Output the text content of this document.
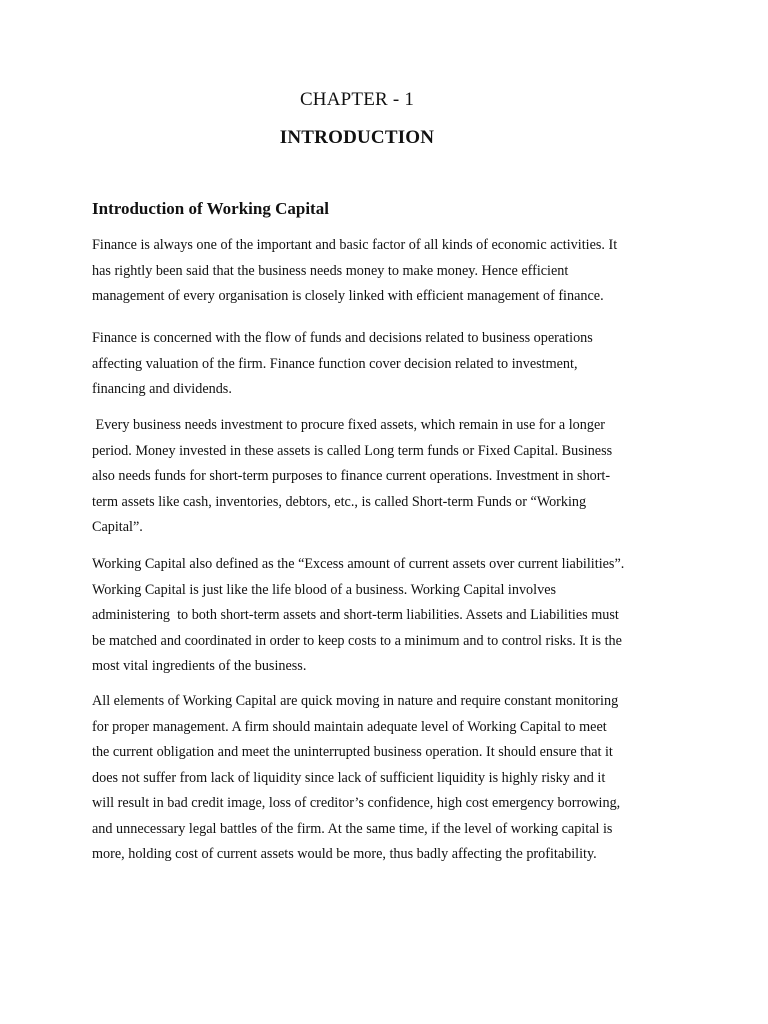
CHAPTER - 1
INTRODUCTION
Introduction of Working Capital

Finance is always one of the important and basic factor of all kinds of economic activities. It
has rightly been said that the business needs money to make money. Hence efficient
management of every organisation is closely linked with efficient management of finance.

Finance is concerned with the flow of funds and decisions related to business operations
affecting valuation of the firm. Finance function cover decision related to investment,
financing and dividends.

Every business needs investment to procure fixed assets, which remain in use for a longer
period. Money invested in these assets is called Long term funds or Fixed Capital. Business
also needs funds for short-term purposes to finance current operations. Investment in short-
term assets like cash, inventories, debtors, etc., is called Short-term Funds or “Working
Capital”.

Working Capital also defined as the “Excess amount of current assets over current liabilities”.
Working Capital is just like the life blood of a business. Working Capital involves
administering  to both short-term assets and short-term liabilities. Assets and Liabilities must
be matched and coordinated in order to keep costs to a minimum and to control risks. It is the
most vital ingredients of the business.

All elements of Working Capital are quick moving in nature and require constant monitoring
for proper management. A firm should maintain adequate level of Working Capital to meet
the current obligation and meet the uninterrupted business operation. It should ensure that it
does not suffer from lack of liquidity since lack of sufficient liquidity is highly risky and it
will result in bad credit image, loss of creditor’s confidence, high cost emergency borrowing,
and unnecessary legal battles of the firm. At the same time, if the level of working capital is
more, holding cost of current assets would be more, thus badly affecting the profitability.
